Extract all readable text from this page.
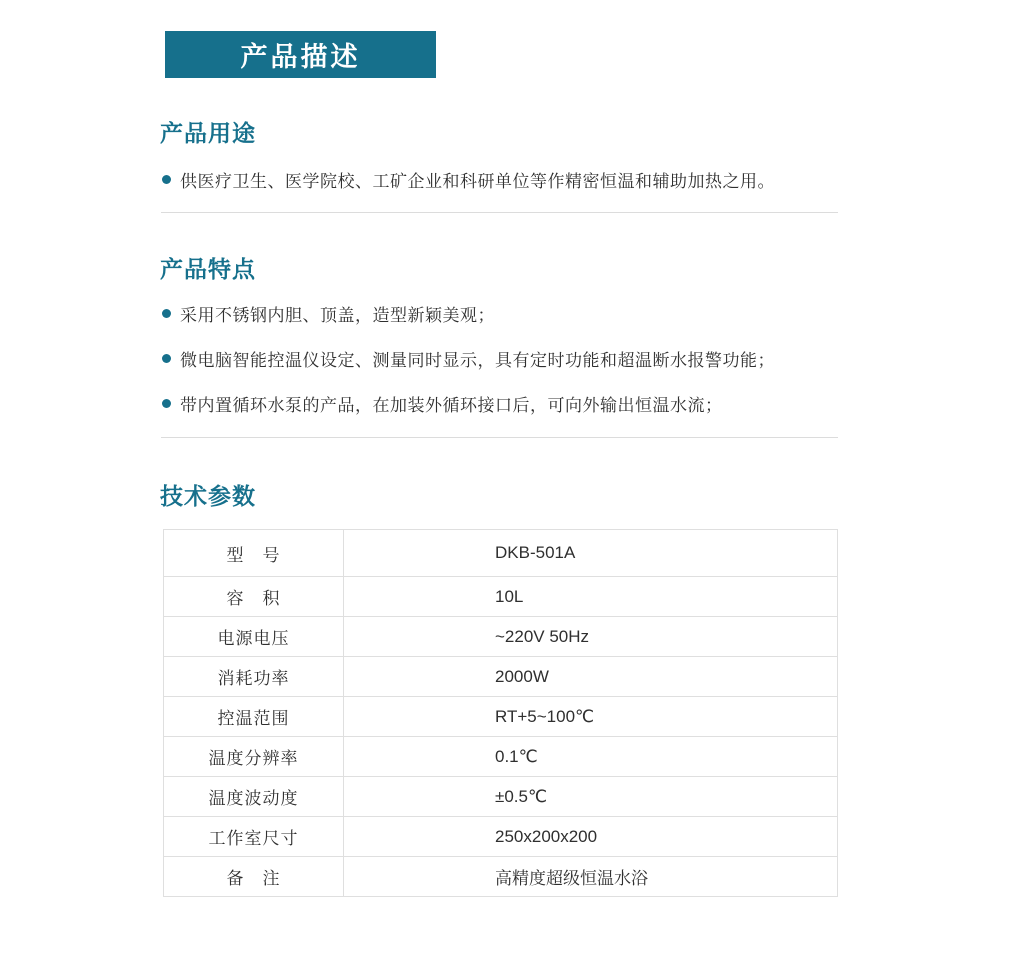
产品描述
产品用途
供医疗卫生、医学院校、工矿企业和科研单位等作精密恒温和辅助加热之用。
产品特点
采用不锈钢内胆、顶盖，造型新颖美观；
微电脑智能控温仪设定、测量同时显示，具有定时功能和超温断水报警功能；
带内置循环水泵的产品，在加装外循环接口后，可向外输出恒温水流；
技术参数
型　号	DKB-501A
容　积	10L
电源电压	~220V 50Hz
消耗功率	2000W
控温范围	RT+5~100℃
温度分辨率	0.1℃
温度波动度	±0.5℃
工作室尺寸	250x200x200
备　注	高精度超级恒温水浴
